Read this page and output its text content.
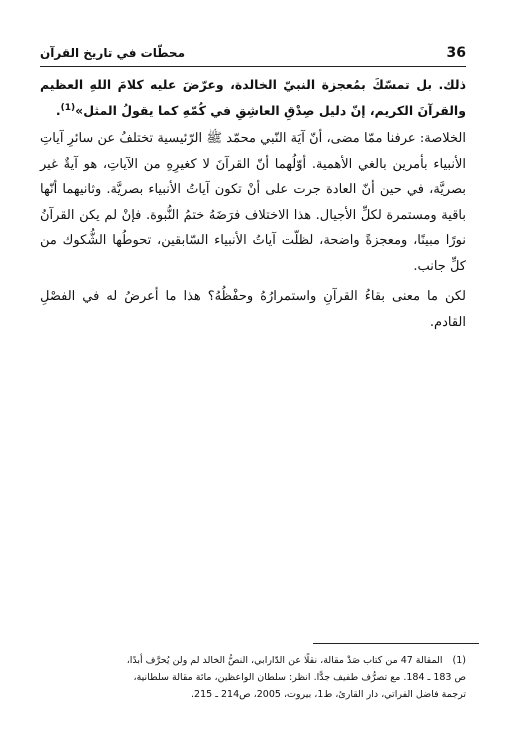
36
محطّات في تاريخ القرآن

ذلك. بل تمسّكَ بمُعجزة النبيّ الخالدة، وعرّضَ عليه كلامَ اللهِ العظيم والقرآنَ الكريم، إنّ دليل صِدْقِ العاشِقِ في كُمّهِ كما يقولُ المثل»$^{(1)}$.

الخلاصة: عرفنا ممّا مضى، أنّ آيَة النّبي محمّد ﷺ الرّئيسية تختلفُ عن سائرِ آياتِ الأنبياء بأمرين بالغي الأهمية. أوّلُهما أنّ القرآنَ لا كغيرِهِ من الآياتِ، هو آيةٌ غير بصريَّة، في حين أنّ العادة جرت على أنْ تكون آياتُ الأنبياء بصريَّة. وثانيهما أنّها باقية ومستمرة لكلِّ الأجيال. هذا الاختلاف فرَضَهُ ختمُ النُّبوة. فإنْ لم يكن القرآنُ نورًا مبينًا، ومعجزةً واضحة، لظلّت آياتُ الأنبياء السّابقين، تحوطُها الشُّكوك من كلِّ جانب.

لكن ما معنى بقاءُ القرآنِ واستمرارُهُ وحفْظُهُ؟ هذا ما أعرضُ له في الفصْلِ القادم.

(1)المقالة 47 من كتاب صَدْ مقالة، نقلًا عن الدّارابي، النصُّ الخالد لم ولن يُحرَّف أبدًا،

ص 183 ـ 184. مع تصرُّف طفيف جدًّا. انظر: سلطان الواعظين، مائة مقالة سلطانية،

ترجمة فاضل الفراتي، دار القارئ، ط1، بيروت، 2005، ص214 ـ 215.
